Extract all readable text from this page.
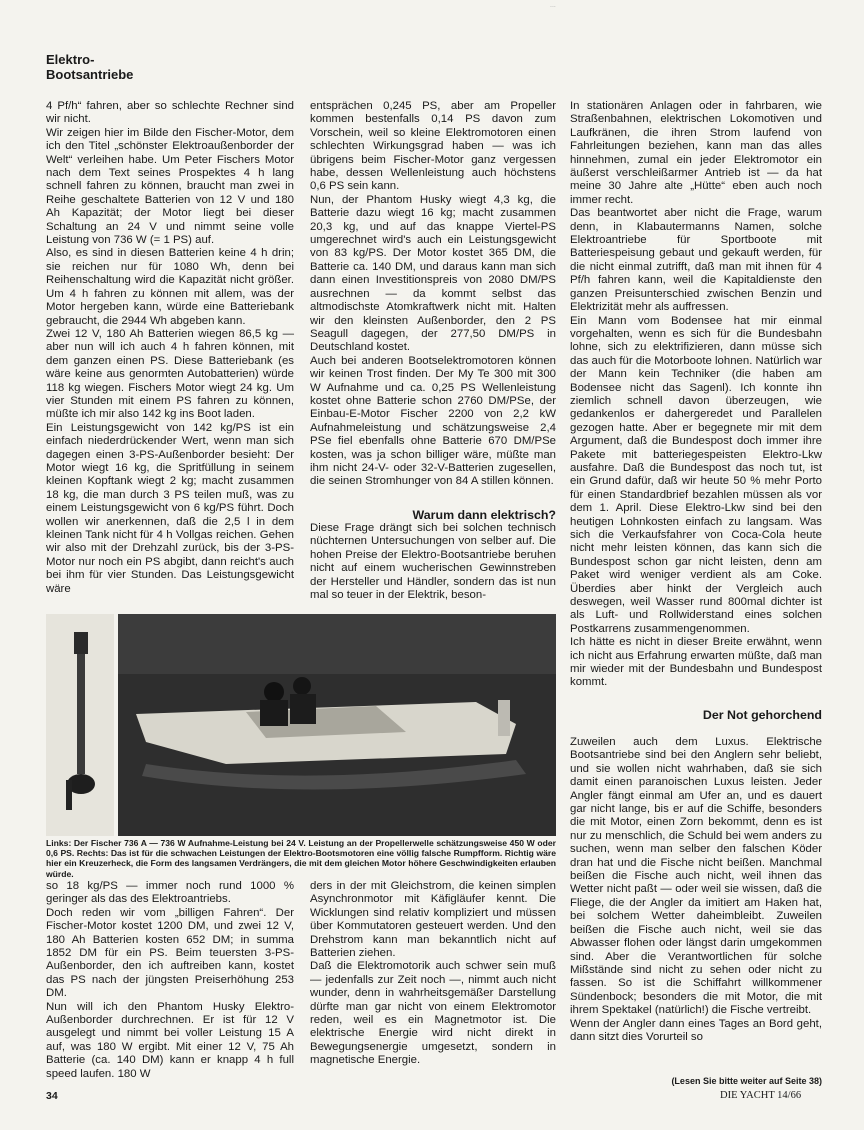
...
Elektro-
Bootsantriebe

4 Pf/h“ fahren, aber so schlechte Rechner sind wir nicht.

Wir zeigen hier im Bilde den Fischer-Motor, dem ich den Titel „schönster Elektroaußenborder der Welt“ verleihen habe. Um Peter Fischers Motor nach dem Text seines Prospektes 4 h lang schnell fahren zu können, braucht man zwei in Reihe geschaltete Batterien von 12 V und 180 Ah Kapazität; der Motor liegt bei dieser Schaltung an 24 V und nimmt seine volle Leistung von 736 W (= 1 PS) auf.

Also, es sind in diesen Batterien keine 4 h drin; sie reichen nur für 1080 Wh, denn bei Reihenschaltung wird die Kapazität nicht größer. Um 4 h fahren zu können mit allem, was der Motor hergeben kann, würde eine Batteriebank gebraucht, die 2944 Wh abgeben kann.

Zwei 12 V, 180 Ah Batterien wiegen 86,5 kg — aber nun will ich auch 4 h fahren können, mit dem ganzen einen PS. Diese Batteriebank (es wäre keine aus genormten Autobatterien) würde 118 kg wiegen. Fischers Motor wiegt 24 kg. Um vier Stunden mit einem PS fahren zu können, müßte ich mir also 142 kg ins Boot laden.

Ein Leistungsgewicht von 142 kg/PS ist ein einfach niederdrückender Wert, wenn man sich dagegen einen 3-PS-Außenborder besieht: Der Motor wiegt 16 kg, die Spritfüllung in seinem kleinen Kopftank wiegt 2 kg; macht zusammen 18 kg, die man durch 3 PS teilen muß, was zu einem Leistungsgewicht von 6 kg/PS führt. Doch wollen wir anerkennen, daß die 2,5 l in dem kleinen Tank nicht für 4 h Vollgas reichen. Gehen wir also mit der Drehzahl zurück, bis der 3-PS-Motor nur noch ein PS abgibt, dann reicht's auch bei ihm für vier Stunden. Das Leistungsgewicht wäre

entsprächen 0,245 PS, aber am Propeller kommen bestenfalls 0,14 PS davon zum Vorschein, weil so kleine Elektromotoren einen schlechten Wirkungsgrad haben — was ich übrigens beim Fischer-Motor ganz vergessen habe, dessen Wellenleistung auch höchstens 0,6 PS sein kann.

Nun, der Phantom Husky wiegt 4,3 kg, die Batterie dazu wiegt 16 kg; macht zusammen 20,3 kg, und auf das knappe Viertel-PS umgerechnet wird's auch ein Leistungsgewicht von 83 kg/PS. Der Motor kostet 365 DM, die Batterie ca. 140 DM, und daraus kann man sich dann einen Investitionspreis von 2080 DM/PS ausrechnen — da kommt selbst das altmodischste Atomkraftwerk nicht mit. Halten wir den kleinsten Außenborder, den 2 PS Seagull dagegen, der 277,50 DM/PS in Deutschland kostet.

Auch bei anderen Bootselektromotoren können wir keinen Trost finden. Der My Te 300 mit 300 W Aufnahme und ca. 0,25 PS Wellenleistung kostet ohne Batterie schon 2760 DM/PSe, der Einbau-E-Motor Fischer 2200 von 2,2 kW Aufnahmeleistung und schätzungsweise 2,4 PSe fiel ebenfalls ohne Batterie 670 DM/PSe kosten, was ja schon billiger wäre, müßte man ihm nicht 24-V- oder 32-V-Batterien zugesellen, die seinen Stromhunger von 84 A stillen können.

Warum dann elektrisch?

Diese Frage drängt sich bei solchen technisch nüchternen Untersuchungen von selber auf. Die hohen Preise der Elektro-Bootsantriebe beruhen nicht auf einem wucherischen Gewinnstreben der Hersteller und Händler, sondern das ist nun mal so teuer in der Elektrik, beson-

In stationären Anlagen oder in fahrbaren, wie Straßenbahnen, elektrischen Lokomotiven und Laufkränen, die ihren Strom laufend von Fahrleitungen beziehen, kann man das alles hinnehmen, zumal ein jeder Elektromotor ein äußerst verschleißarmer Antrieb ist — da hat meine 30 Jahre alte „Hütte“ eben auch noch immer recht.

Das beantwortet aber nicht die Frage, warum denn, in Klabautermanns Namen, solche Elektroantriebe für Sportboote mit Batteriespeisung gebaut und gekauft werden, für die nicht einmal zutrifft, daß man mit ihnen für 4 Pf/h fahren kann, weil die Kapitaldienste den ganzen Preisunterschied zwischen Benzin und Elektrizität mehr als auffressen.

Ein Mann vom Bodensee hat mir einmal vorgehalten, wenn es sich für die Bundesbahn lohne, sich zu elektrifizieren, dann müsse sich das auch für die Motorboote lohnen. Natürlich war der Mann kein Techniker (die haben am Bodensee nicht das Sagenl). Ich konnte ihn ziemlich schnell davon überzeugen, wie gedankenlos er dahergeredet und Parallelen gezogen hatte. Aber er begegnete mir mit dem Argument, daß die Bundespost doch immer ihre Pakete mit batteriegespeisten Elektro-Lkw ausfahre. Daß die Bundespost das noch tut, ist ein Grund dafür, daß wir heute 50 % mehr Porto für einen Standardbrief bezahlen müssen als vor dem 1. April. Diese Elektro-Lkw sind bei den heutigen Lohnkosten einfach zu langsam. Was sich die Verkaufsfahrer von Coca-Cola heute nicht mehr leisten können, das kann sich die Bundespost schon gar nicht leisten, denn am Paket wird weniger verdient als am Coke. Überdies aber hinkt der Vergleich auch deswegen, weil Wasser rund 800mal dichter ist als Luft- und Rollwiderstand eines solchen Postkarrens zusammengenommen.

Ich hätte es nicht in dieser Breite erwähnt, wenn ich nicht aus Erfahrung erwarten müßte, daß man mir wieder mit der Bundesbahn und Bundespost kommt.

Der Not gehorchend

Zuweilen auch dem Luxus. Elektrische Bootsantriebe sind bei den Anglern sehr beliebt, und sie wollen nicht wahrhaben, daß sie sich damit einen paranoischen Luxus leisten. Jeder Angler fängt einmal am Ufer an, und es dauert gar nicht lange, bis er auf die Schiffe, besonders die mit Motor, einen Zorn bekommt, denn es ist nur zu menschlich, die Schuld bei wem anders zu suchen, wenn man selber den falschen Köder dran hat und die Fische nicht beißen. Manchmal beißen die Fische auch nicht, weil ihnen das Wetter nicht paßt — oder weil sie wissen, daß die Fliege, die der Angler da imitiert am Haken hat, bei solchem Wetter daheimbleibt. Zuweilen beißen die Fische auch nicht, weil sie das Abwasser flohen oder längst darin umgekommen sind. Aber die Verantwortlichen für solche Mißstände sind nicht zu sehen oder nicht zu fassen. So ist die Schiffahrt willkommener Sündenbock; besonders die mit Motor, die mit ihrem Spektakel (natürlich!) die Fische vertreibt.

Wenn der Angler dann eines Tages an Bord geht, dann sitzt dies Vorurteil so

(Lesen Sie bitte weiter auf Seite 38)
Links: Der Fischer 736 A — 736 W Aufnahme-Leistung bei 24 V. Leistung an der Propellerwelle schätzungsweise 450 W oder 0,6 PS. Rechts: Das ist für die schwachen Leistungen der Elektro-Bootsmotoren eine völlig falsche Rumpfform. Richtig wäre hier ein Kreuzerheck, die Form des langsamen Verdrängers, die mit dem gleichen Motor höhere Geschwindigkeiten erlauben würde.

so 18 kg/PS — immer noch rund 1000 % geringer als das des Elektroantriebs.

Doch reden wir vom „billigen Fahren“. Der Fischer-Motor kostet 1200 DM, und zwei 12 V, 180 Ah Batterien kosten 652 DM; in summa 1852 DM für ein PS. Beim teuersten 3-PS-Außenborder, den ich auftreiben kann, kostet das PS nach der jüngsten Preiserhöhung 253 DM.

Nun will ich den Phantom Husky Elektro-Außenborder durchrechnen. Er ist für 12 V ausgelegt und nimmt bei voller Leistung 15 A auf, was 180 W ergibt. Mit einer 12 V, 75 Ah Batterie (ca. 140 DM) kann er knapp 4 h full speed laufen. 180 W

ders in der mit Gleichstrom, die keinen simplen Asynchronmotor mit Käfigläufer kennt. Die Wicklungen sind relativ kompliziert und müssen über Kommutatoren gesteuert werden. Und den Drehstrom kann man bekanntlich nicht auf Batterien ziehen.

Daß die Elektromotorik auch schwer sein muß — jedenfalls zur Zeit noch —, nimmt auch nicht wunder, denn in wahrheitsgemäßer Darstellung dürfte man gar nicht von einem Elektromotor reden, weil es ein Magnetmotor ist. Die elektrische Energie wird nicht direkt in Bewegungsenergie umgesetzt, sondern in magnetische Energie.

34	DIE YACHT 14/66
